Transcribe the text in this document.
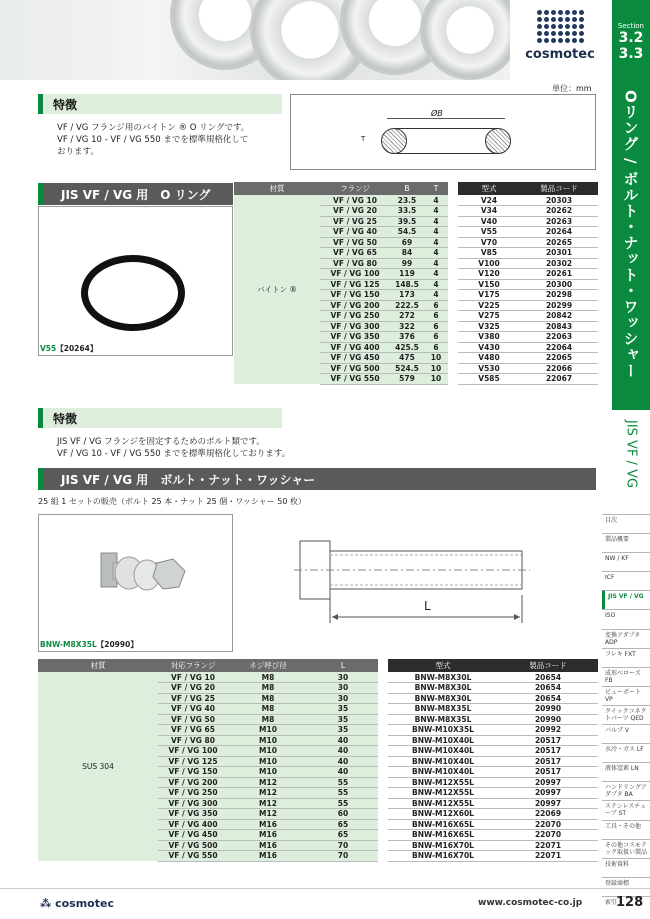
cosmotec
Section
3.2
3.3
Oリング / ボルト・ナット・ワッシャー
JIS VF / VG
目次
製品概要
NW / KF
ICF
JIS VF / VG
ISO
変換アダプタ ADP
フレキ FXT
成形ベローズ FB
ビューポート VP
クイックコネクトパーツ QED
バルブ V
水冷・ガス LF
液体窒素 LN
ハンドリングアダプタ BA
ステンレスチューブ ST
工具・その他
その他コスモテック取扱い製品
技術資料
登録商標
索引
単位：mm
特徴
VF / VG フランジ用のバイトン ® O リングです。
VF / VG 10 - VF / VG 550 までを標準規格化して
おります。
ØB
T
JIS VF / VG 用　O リング
V55【20264】
材質	フランジ	B	T		型式	製品コード
バイトン ®	VF / VG 10	23.5	4		V24	20303
	VF / VG 20	33.5	4		V34	20262
	VF / VG 25	39.5	4		V40	20263
	VF / VG 40	54.5	4		V55	20264
	VF / VG 50	69	4		V70	20265
	VF / VG 65	84	4		V85	20301
	VF / VG 80	99	4		V100	20302
	VF / VG 100	119	4		V120	20261
	VF / VG 125	148.5	4		V150	20300
	VF / VG 150	173	4		V175	20298
	VF / VG 200	222.5	6		V225	20299
	VF / VG 250	272	6		V275	20842
	VF / VG 300	322	6		V325	20843
	VF / VG 350	376	6		V380	22063
	VF / VG 400	425.5	6		V430	22064
	VF / VG 450	475	10		V480	22065
	VF / VG 500	524.5	10		V530	22066
	VF / VG 550	579	10		V585	22067
特徴
JIS VF / VG フランジを固定するためのボルト類です。
VF / VG 10 - VF / VG 550 までを標準規格化しております。
JIS VF / VG 用　ボルト・ナット・ワッシャー
25 組 1 セットの販売（ボルト 25 本・ナット 25 個・ワッシャー 50 枚）
BNW-M8X35L【20990】
L
材質	対応フランジ	ネジ呼び径	L		型式	製品コード
SUS 304	VF / VG 10	M8	30		BNW-M8X30L	20654
	VF / VG 20	M8	30		BNW-M8X30L	20654
	VF / VG 25	M8	30		BNW-M8X30L	20654
	VF / VG 40	M8	35		BNW-M8X35L	20990
	VF / VG 50	M8	35		BNW-M8X35L	20990
	VF / VG 65	M10	35		BNW-M10X35L	20992
	VF / VG 80	M10	40		BNW-M10X40L	20517
	VF / VG 100	M10	40		BNW-M10X40L	20517
	VF / VG 125	M10	40		BNW-M10X40L	20517
	VF / VG 150	M10	40		BNW-M10X40L	20517
	VF / VG 200	M12	55		BNW-M12X55L	20997
	VF / VG 250	M12	55		BNW-M12X55L	20997
	VF / VG 300	M12	55		BNW-M12X55L	20997
	VF / VG 350	M12	60		BNW-M12X60L	22069
	VF / VG 400	M16	65		BNW-M16X65L	22070
	VF / VG 450	M16	65		BNW-M16X65L	22070
	VF / VG 500	M16	70		BNW-M16X70L	22071
	VF / VG 550	M16	70		BNW-M16X70L	22071
⁂ cosmotec	www.cosmotec-co.jp	128
